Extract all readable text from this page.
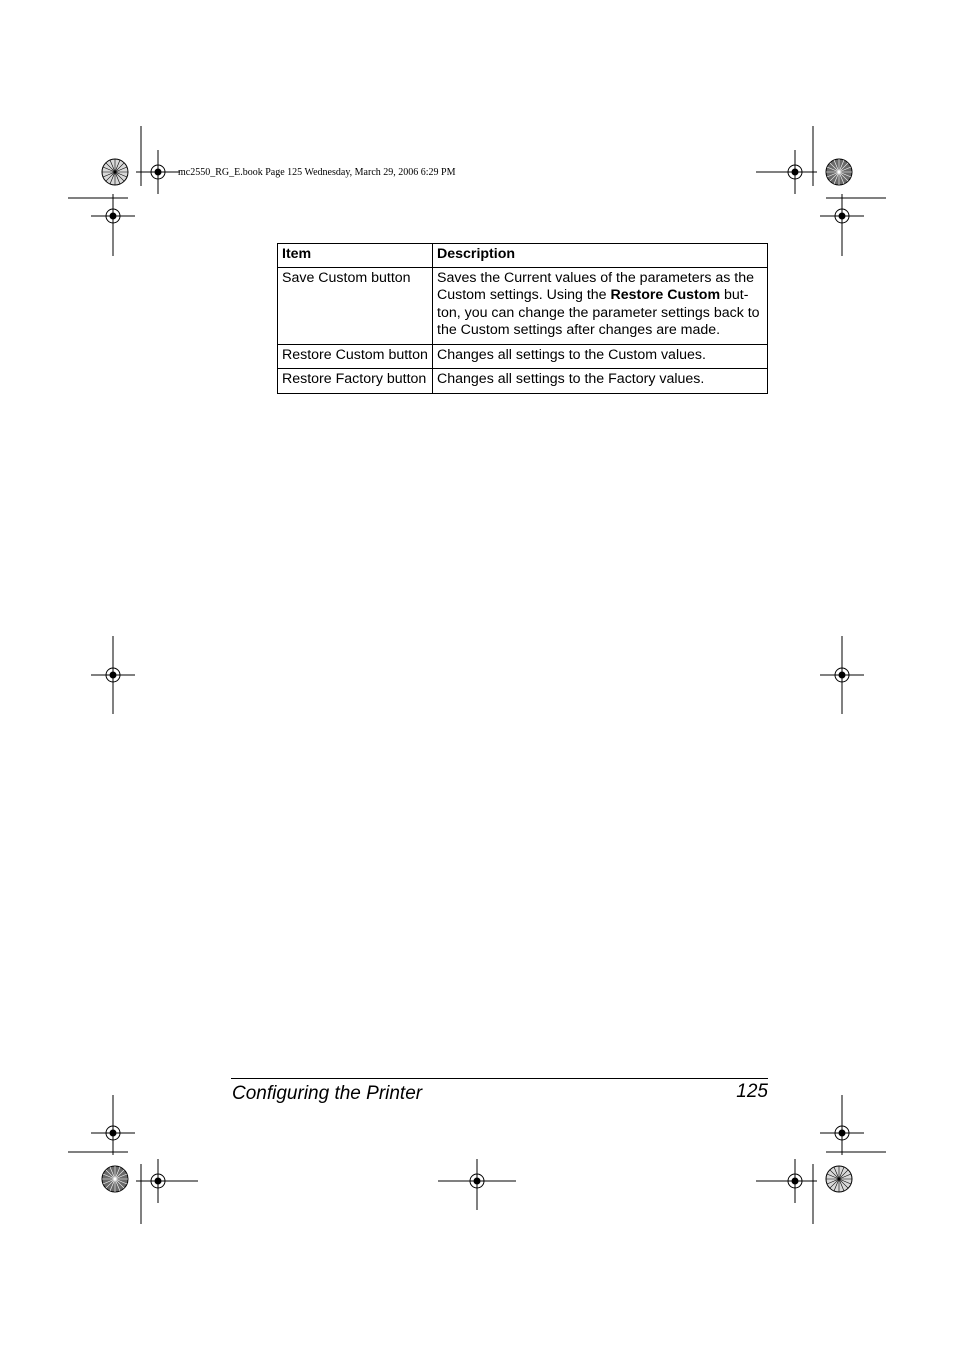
mc2550_RG_E.book Page 125 Wednesday, March 29, 2006 6:29 PM
Item	Description
Save Custom button	Saves the Current values of the parameters as the Custom settings. Using the Restore Custom but-ton, you can change the parameter settings back to the Custom settings after changes are made.
Restore Custom button	Changes all settings to the Custom values.
Restore Factory button	Changes all settings to the Factory values.
Configuring the Printer	125
